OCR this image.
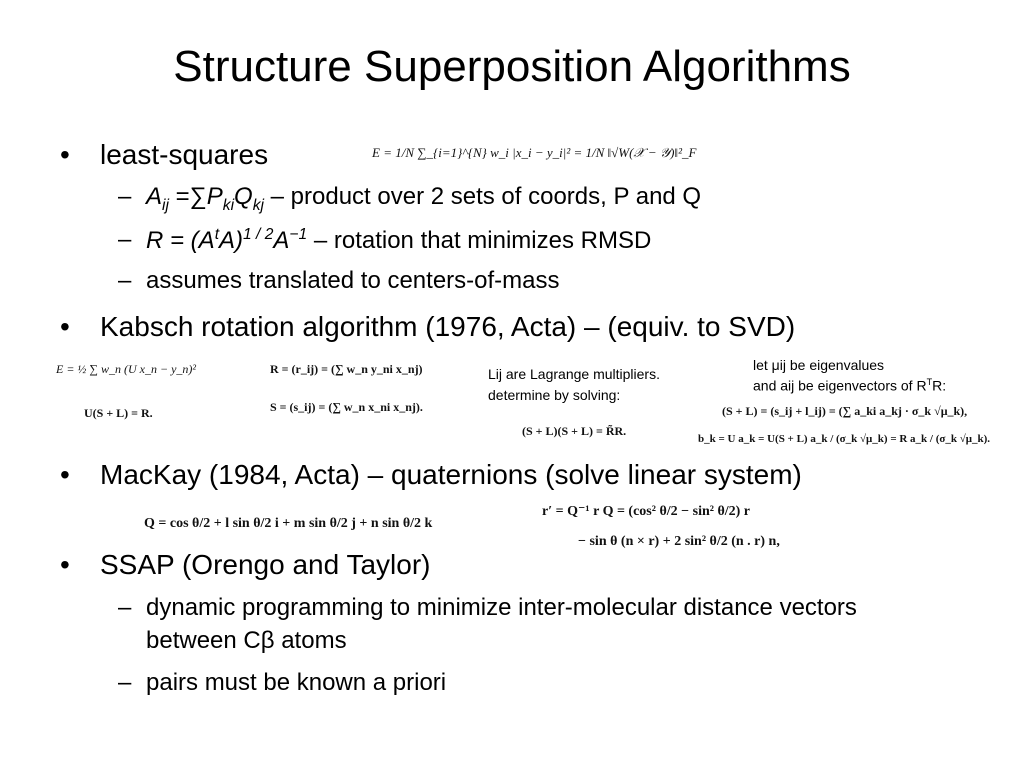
Structure Superposition Algorithms
• least-squares	E = 1/N ∑_{i=1}^{N} w_i |x_i − y_i|² = 1/N ‖√W(𝒳 − 𝒴)‖²_F
– $A_{ij} =\sum P_{ki}Q_{kj}$ – product over 2 sets of coords, P and Q
– $R = (A^tA)^{1 / 2}A^{-1}$ – rotation that minimizes RMSD
– assumes translated to centers-of-mass
• Kabsch rotation algorithm (1976, Acta) – (equiv. to SVD)
E = ½ ∑ w_n (U x_n − y_n)²
U(S + L) = R.
R = (r_ij) = (∑ w_n y_ni x_nj)
S = (s_ij) = (∑ w_n x_ni x_nj).
Lij are Lagrange multipliers.
determine by solving:
(S + L)(S + L) = R̃R.
let μij be eigenvalues
and aij be eigenvectors of $R^TR$:
(S + L) = (s_ij + l_ij) = (∑ a_ki a_kj · σ_k √μ_k),
b_k = U a_k = U(S + L) a_k / (σ_k √μ_k) = R a_k / (σ_k √μ_k).
• MacKay (1984, Acta) – quaternions (solve linear system)
Q = cos θ/2 + l sin θ/2 i + m sin θ/2 j + n sin θ/2 k
r′ = Q⁻¹ r Q = (cos² θ/2 − sin² θ/2) r
− sin θ (n × r) + 2 sin² θ/2 (n . r) n,
• SSAP (Orengo and Taylor)
– dynamic programming to minimize inter-molecular distance vectors
between Cβ atoms
– pairs must be known a priori
